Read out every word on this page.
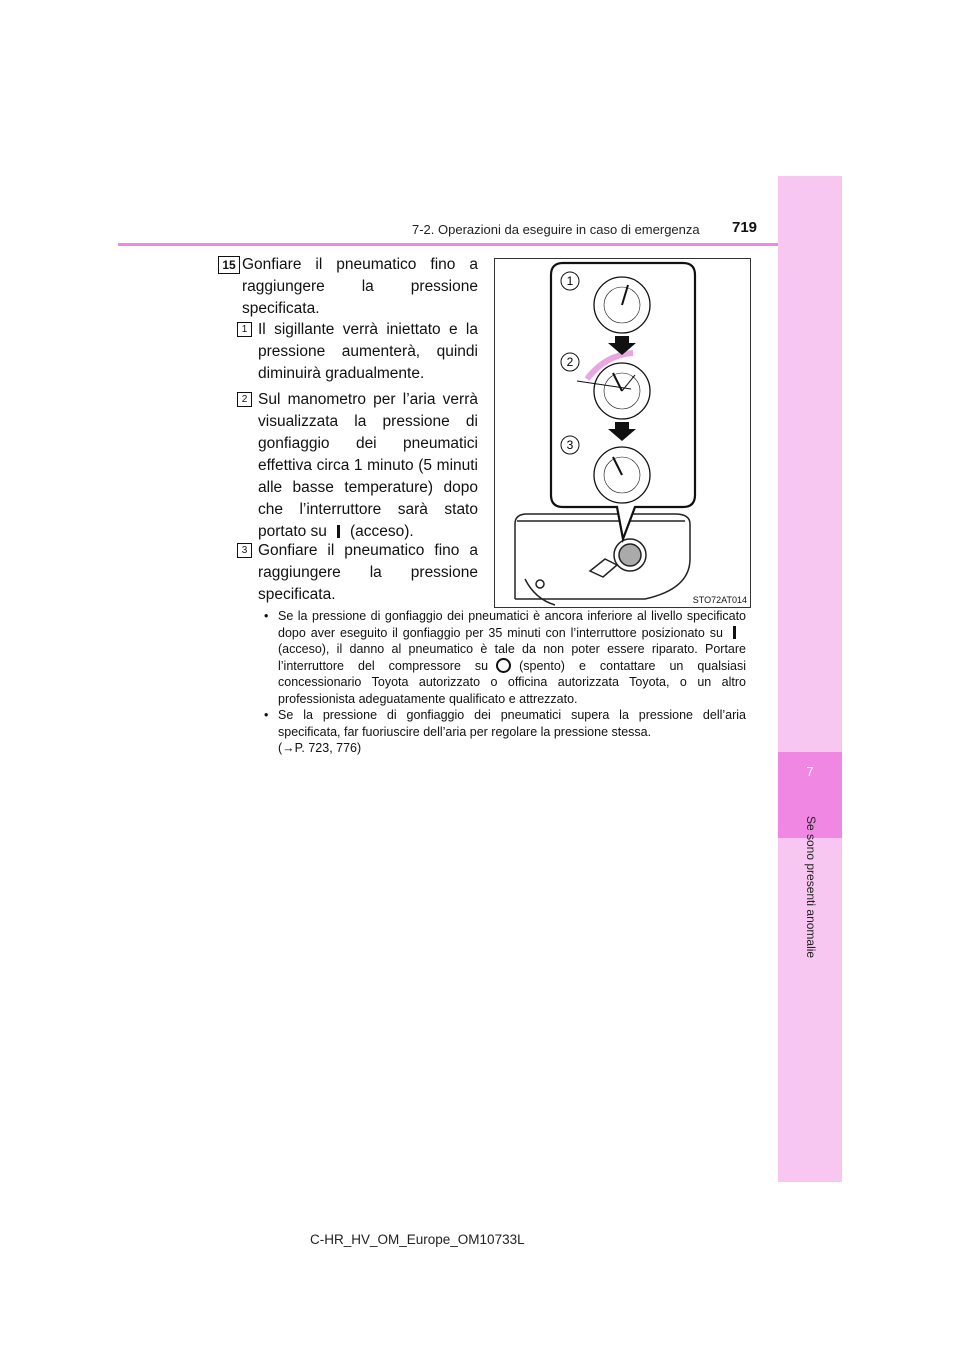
7
Se sono presenti anomalie
7-2. Operazioni da eseguire in caso di emergenza 719
15 Gonfiare il pneumatico fino a raggiungere la pressione specificata.
1 Il sigillante verrà iniettato e la pressione aumenterà, quindi diminuirà gradualmente.
2 Sul manometro per l’aria verrà visualizzata la pressione di gonfiaggio dei pneumatici effettiva circa 1 minuto (5 minuti alle basse temperature) dopo che l’interruttore sarà stato portato su (acceso).
3 Gonfiare il pneumatico fino a raggiungere la pressione specificata.
1
2
3
STO72AT014
• Se la pressione di gonfiaggio dei pneumatici è ancora inferiore al livello specificato dopo aver eseguito il gonfiaggio per 35 minuti con l’interruttore posizionato su(acceso), il danno al pneumatico è tale da non poter essere riparato. Portare l’interruttore del compressore su (spento) e contattare un qualsiasi concessionario Toyota autorizzato o officina autorizzata Toyota, o un altro professionista adeguatamente qualificato e attrezzato.
• Se la pressione di gonfiaggio dei pneumatici supera la pressione dell’aria specificata, far fuoriuscire dell’aria per regolare la pressione stessa.
(→P. 723, 776)
C-HR_HV_OM_Europe_OM10733L
